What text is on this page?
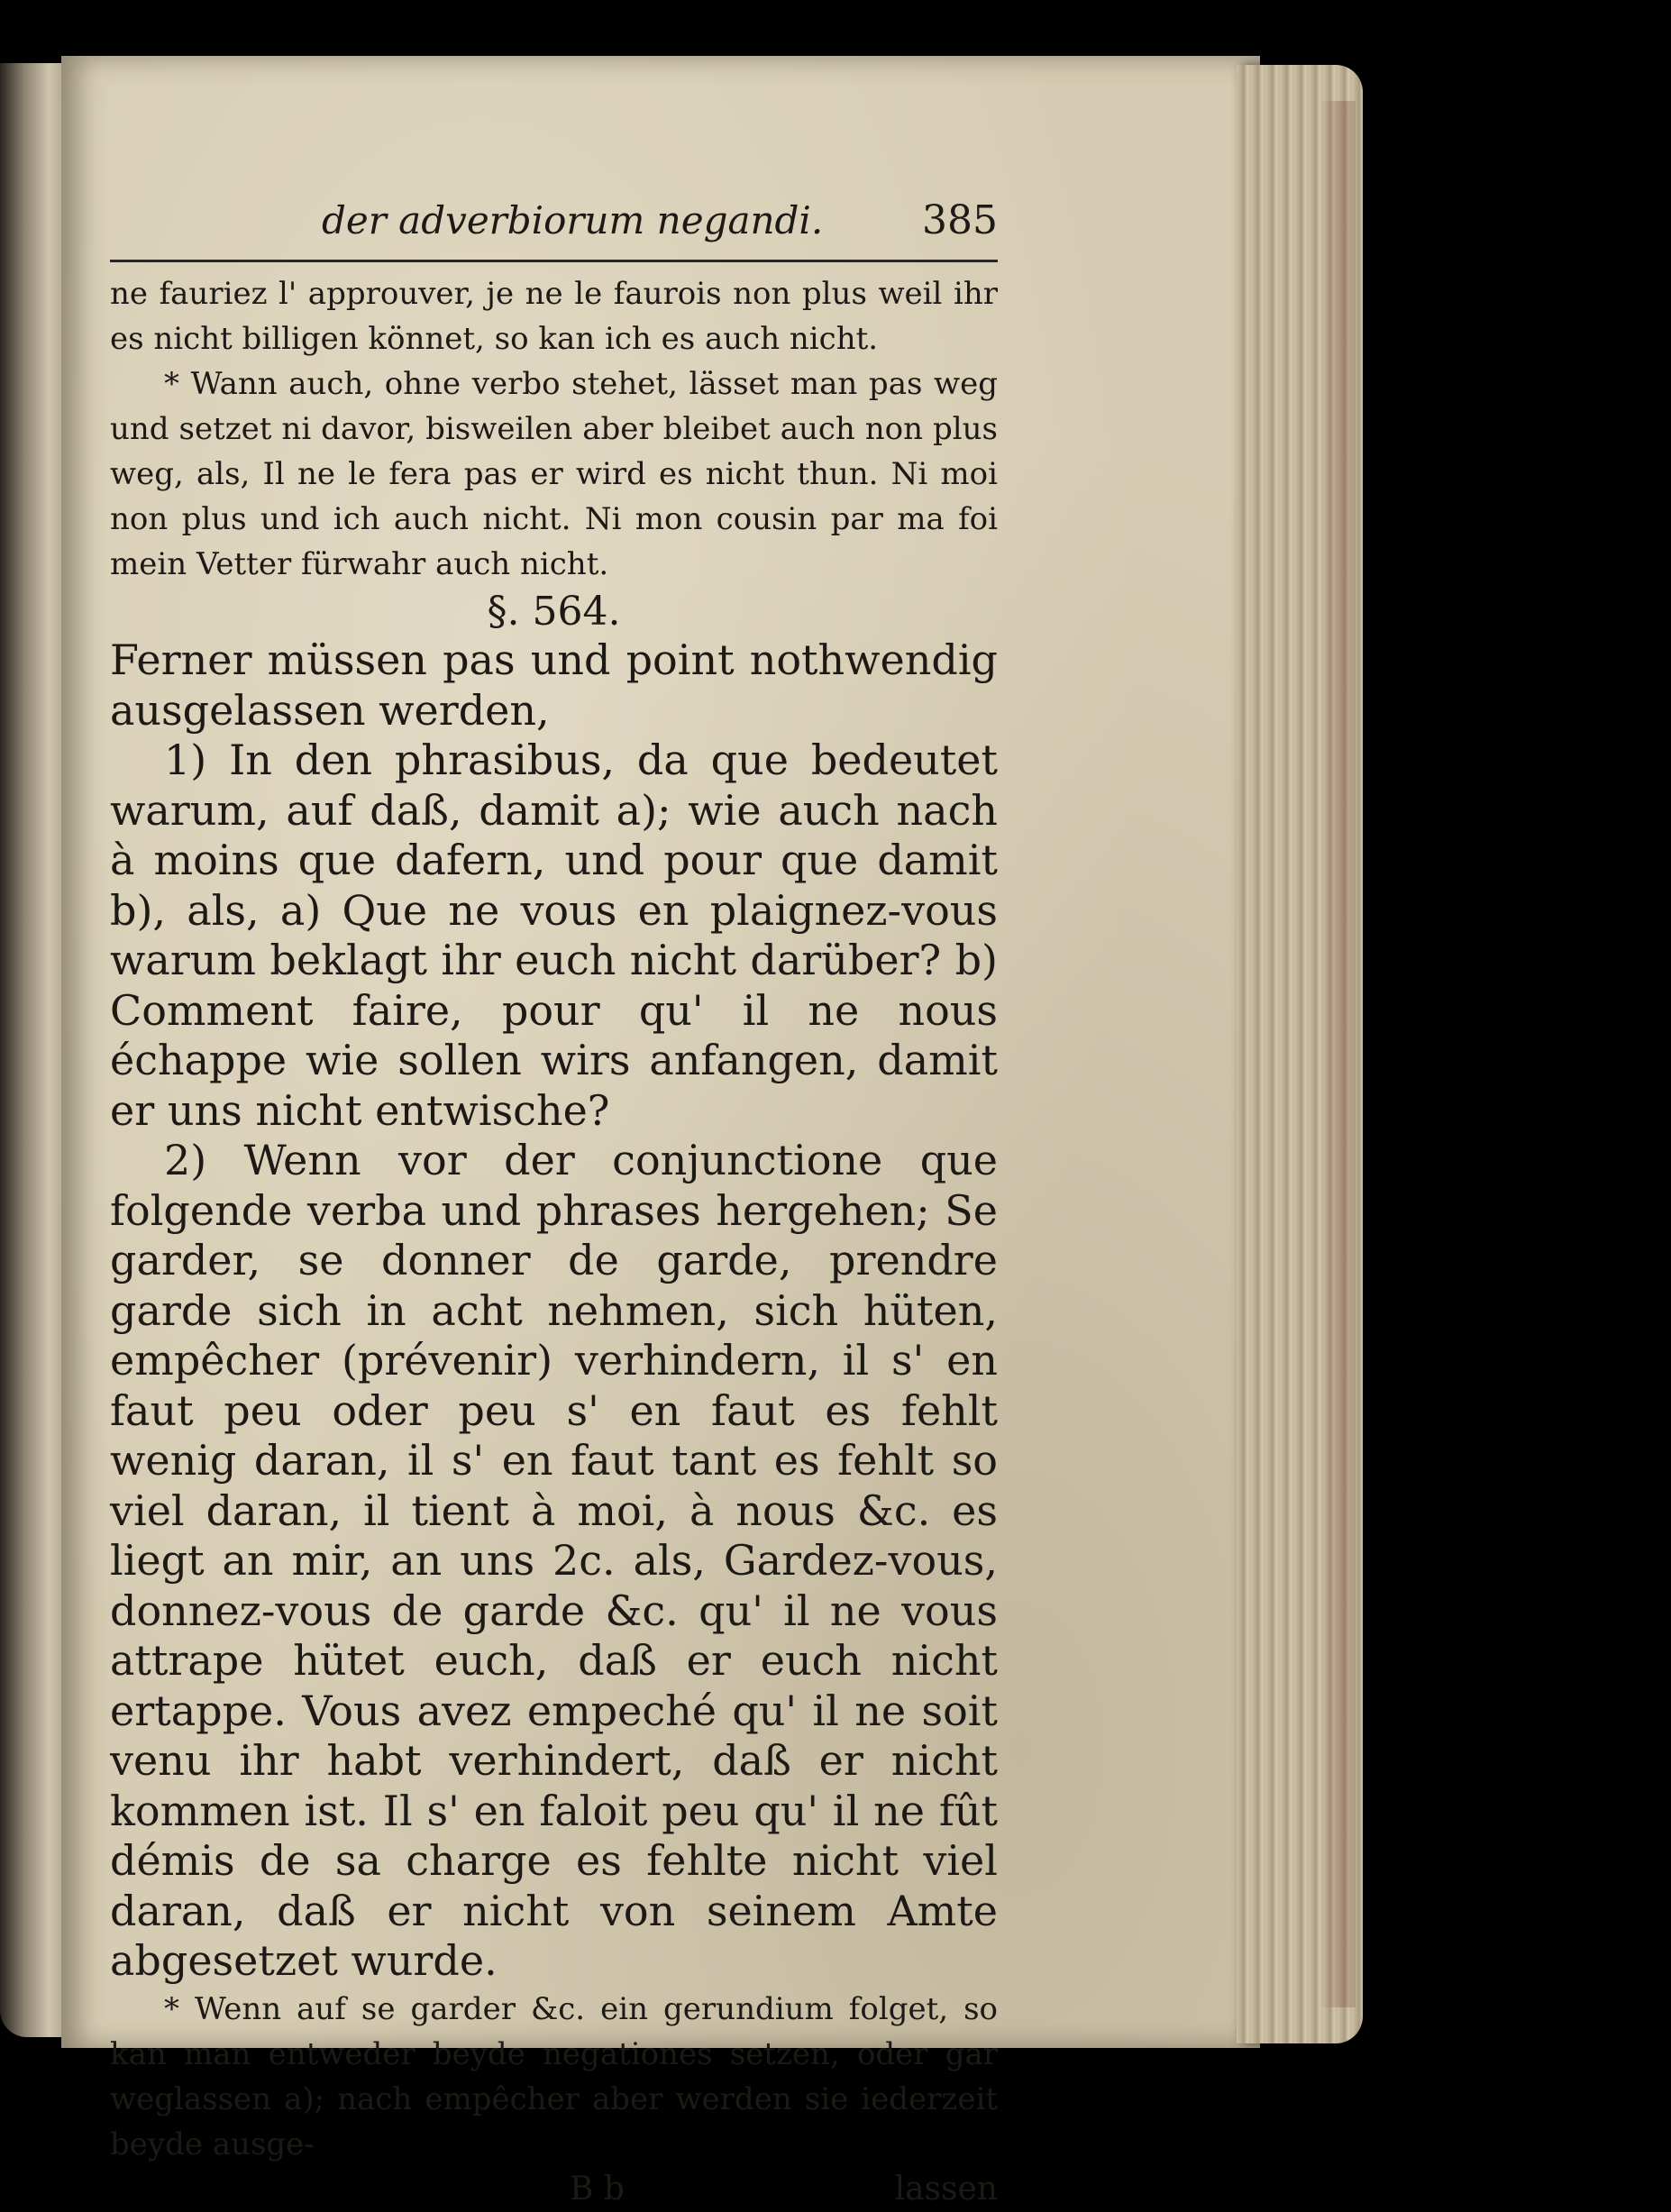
der adverbiorum negandi. 385

ne fauriez l' approuver, je ne le faurois non plus weil ihr es nicht billigen könnet, so kan ich es auch nicht.

* Wann auch, ohne verbo stehet, lässet man pas weg und setzet ni davor, bisweilen aber bleibet auch non plus weg, als, Il ne le fera pas er wird es nicht thun. Ni moi non plus und ich auch nicht. Ni mon cousin par ma foi mein Vetter fürwahr auch nicht.

§. 564.

Ferner müssen pas und point nothwendig ausgelassen werden,

1) In den phrasibus, da que bedeutet warum, auf daß, damit a); wie auch nach à moins que dafern, und pour que damit b), als, a) Que ne vous en plaignez-vous warum beklagt ihr euch nicht darüber? b) Comment faire, pour qu' il ne nous échappe wie sollen wirs anfangen, damit er uns nicht entwische?

2) Wenn vor der conjunctione que folgende verba und phrases hergehen; Se garder, se donner de garde, prendre garde sich in acht nehmen, sich hüten, empêcher (prévenir) verhindern, il s' en faut peu oder peu s' en faut es fehlt wenig daran, il s' en faut tant es fehlt so viel daran, il tient à moi, à nous &c. es liegt an mir, an uns 2c. als, Gardez-vous, donnez-vous de garde &c. qu' il ne vous attrape hütet euch, daß er euch nicht ertappe. Vous avez empeché qu' il ne soit venu ihr habt verhindert, daß er nicht kommen ist. Il s' en faloit peu qu' il ne fût démis de sa charge es fehlte nicht viel daran, daß er nicht von seinem Amte abgesetzet wurde.

* Wenn auf se garder &c. ein gerundium folget, so kan man entweder beyde negationes setzen, oder gar weglassen a); nach empêcher aber werden sie iederzeit beyde ausge-

B b	lassen
